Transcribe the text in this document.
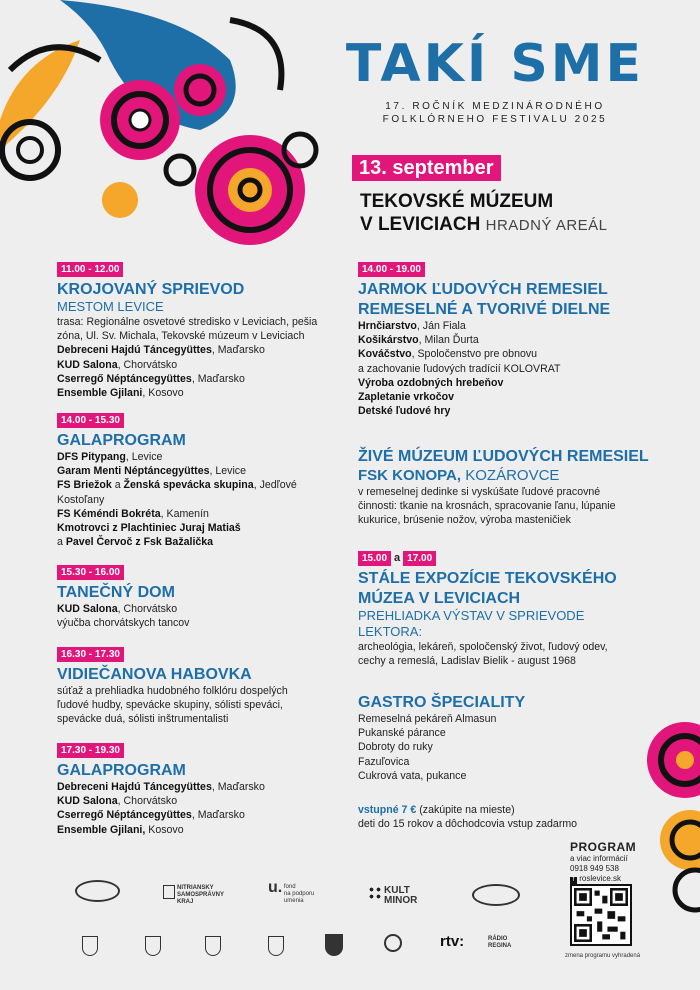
TAKÍ SME
17. ROČNÍK MEDZINÁRODNÉHO
FOLKLÓRNEHO FESTIVALU 2025
13. september
TEKOVSKÉ MÚZEUM
V LEVICIACH HRADNÝ AREÁL
11.00 - 12.00
KROJOVANÝ SPRIEVOD
MESTOM LEVICE
trasa: Regionálne osvetové stredisko v Leviciach, pešia
zóna, Ul. Sv. Michala, Tekovské múzeum v Leviciach
Debreceni Hajdú Táncegyüttes, Maďarsko
KUD Salona, Chorvátsko
Cserregő Néptáncegyüttes, Maďarsko
Ensemble Gjilani, Kosovo
14.00 - 15.30
GALAPROGRAM
DFS Pitypang, Levice
Garam Menti Néptáncegyüttes, Levice
FS Briežok a Ženská spevácka skupina, Jedľové
Kostoľany
FS Kéméndi Bokréta, Kamenín
Kmotrovci z Plachtiniec Juraj Matiaš
a Pavel Červoč z Fsk Bažalička
15.30 - 16.00
TANEČNÝ DOM
KUD Salona, Chorvátsko
výučba chorvátskych tancov
16.30 - 17.30
VIDIEČANOVA HABOVKA
súťaž a prehliadka hudobného folklóru dospelých
ľudové hudby, spevácke skupiny, sólisti speváci,
spevácke duá, sólisti inštrumentalisti
17.30 - 19.30
GALAPROGRAM
Debreceni Hajdú Táncegyüttes, Maďarsko
KUD Salona, Chorvátsko
Cserregő Néptáncegyüttes, Maďarsko
Ensemble Gjilani, Kosovo
14.00 - 19.00
JARMOK ĽUDOVÝCH REMESIEL
REMESELNÉ A TVORIVÉ DIELNE
Hrnčiarstvo, Ján Fiala
Košikárstvo, Milan Ďurta
Kováčstvo, Spoločenstvo pre obnovu
a zachovanie ľudových tradícií KOLOVRAT
Výroba ozdobných hrebeňov
Zapletanie vrkočov
Detské ľudové hry
ŽIVÉ MÚZEUM ĽUDOVÝCH REMESIEL
FSK KONOPA, KOZÁROVCE
v remeselnej dedinke si vyskúšate ľudové pracovné
činnosti: tkanie na krosnách, spracovanie ľanu, lúpanie
kukurice, brúsenie nožov, výroba masteničiek
15.00 a 17.00
STÁLE EXPOZÍCIE TEKOVSKÉHO
MÚZEA V LEVICIACH
PREHLIADKA VÝSTAV V SPRIEVODE
LEKTORA:
archeológia, lekáreň, spoločenský život, ľudový odev,
cechy a remeslá, Ladislav Bielik - august 1968
GASTRO ŠPECIALITY
Remeselná pekáreň Almasun
Pukanské párance
Dobroty do ruky
Fazuľovica
Cukrová vata, pukance
vstupné 7 € (zakúpite na mieste)
deti do 15 rokov a dôchodcovia vstup zadarmo
PROGRAM
a viac informácií
0918 949 538
f roslevice.sk
zmena programu vyhradená
NITRIANSKY
SAMOSPRÁVNY
KRAJ
u. fond
na podporu
umenia
KULT
MINOR
rtv:	RÁDIO
REGINA
